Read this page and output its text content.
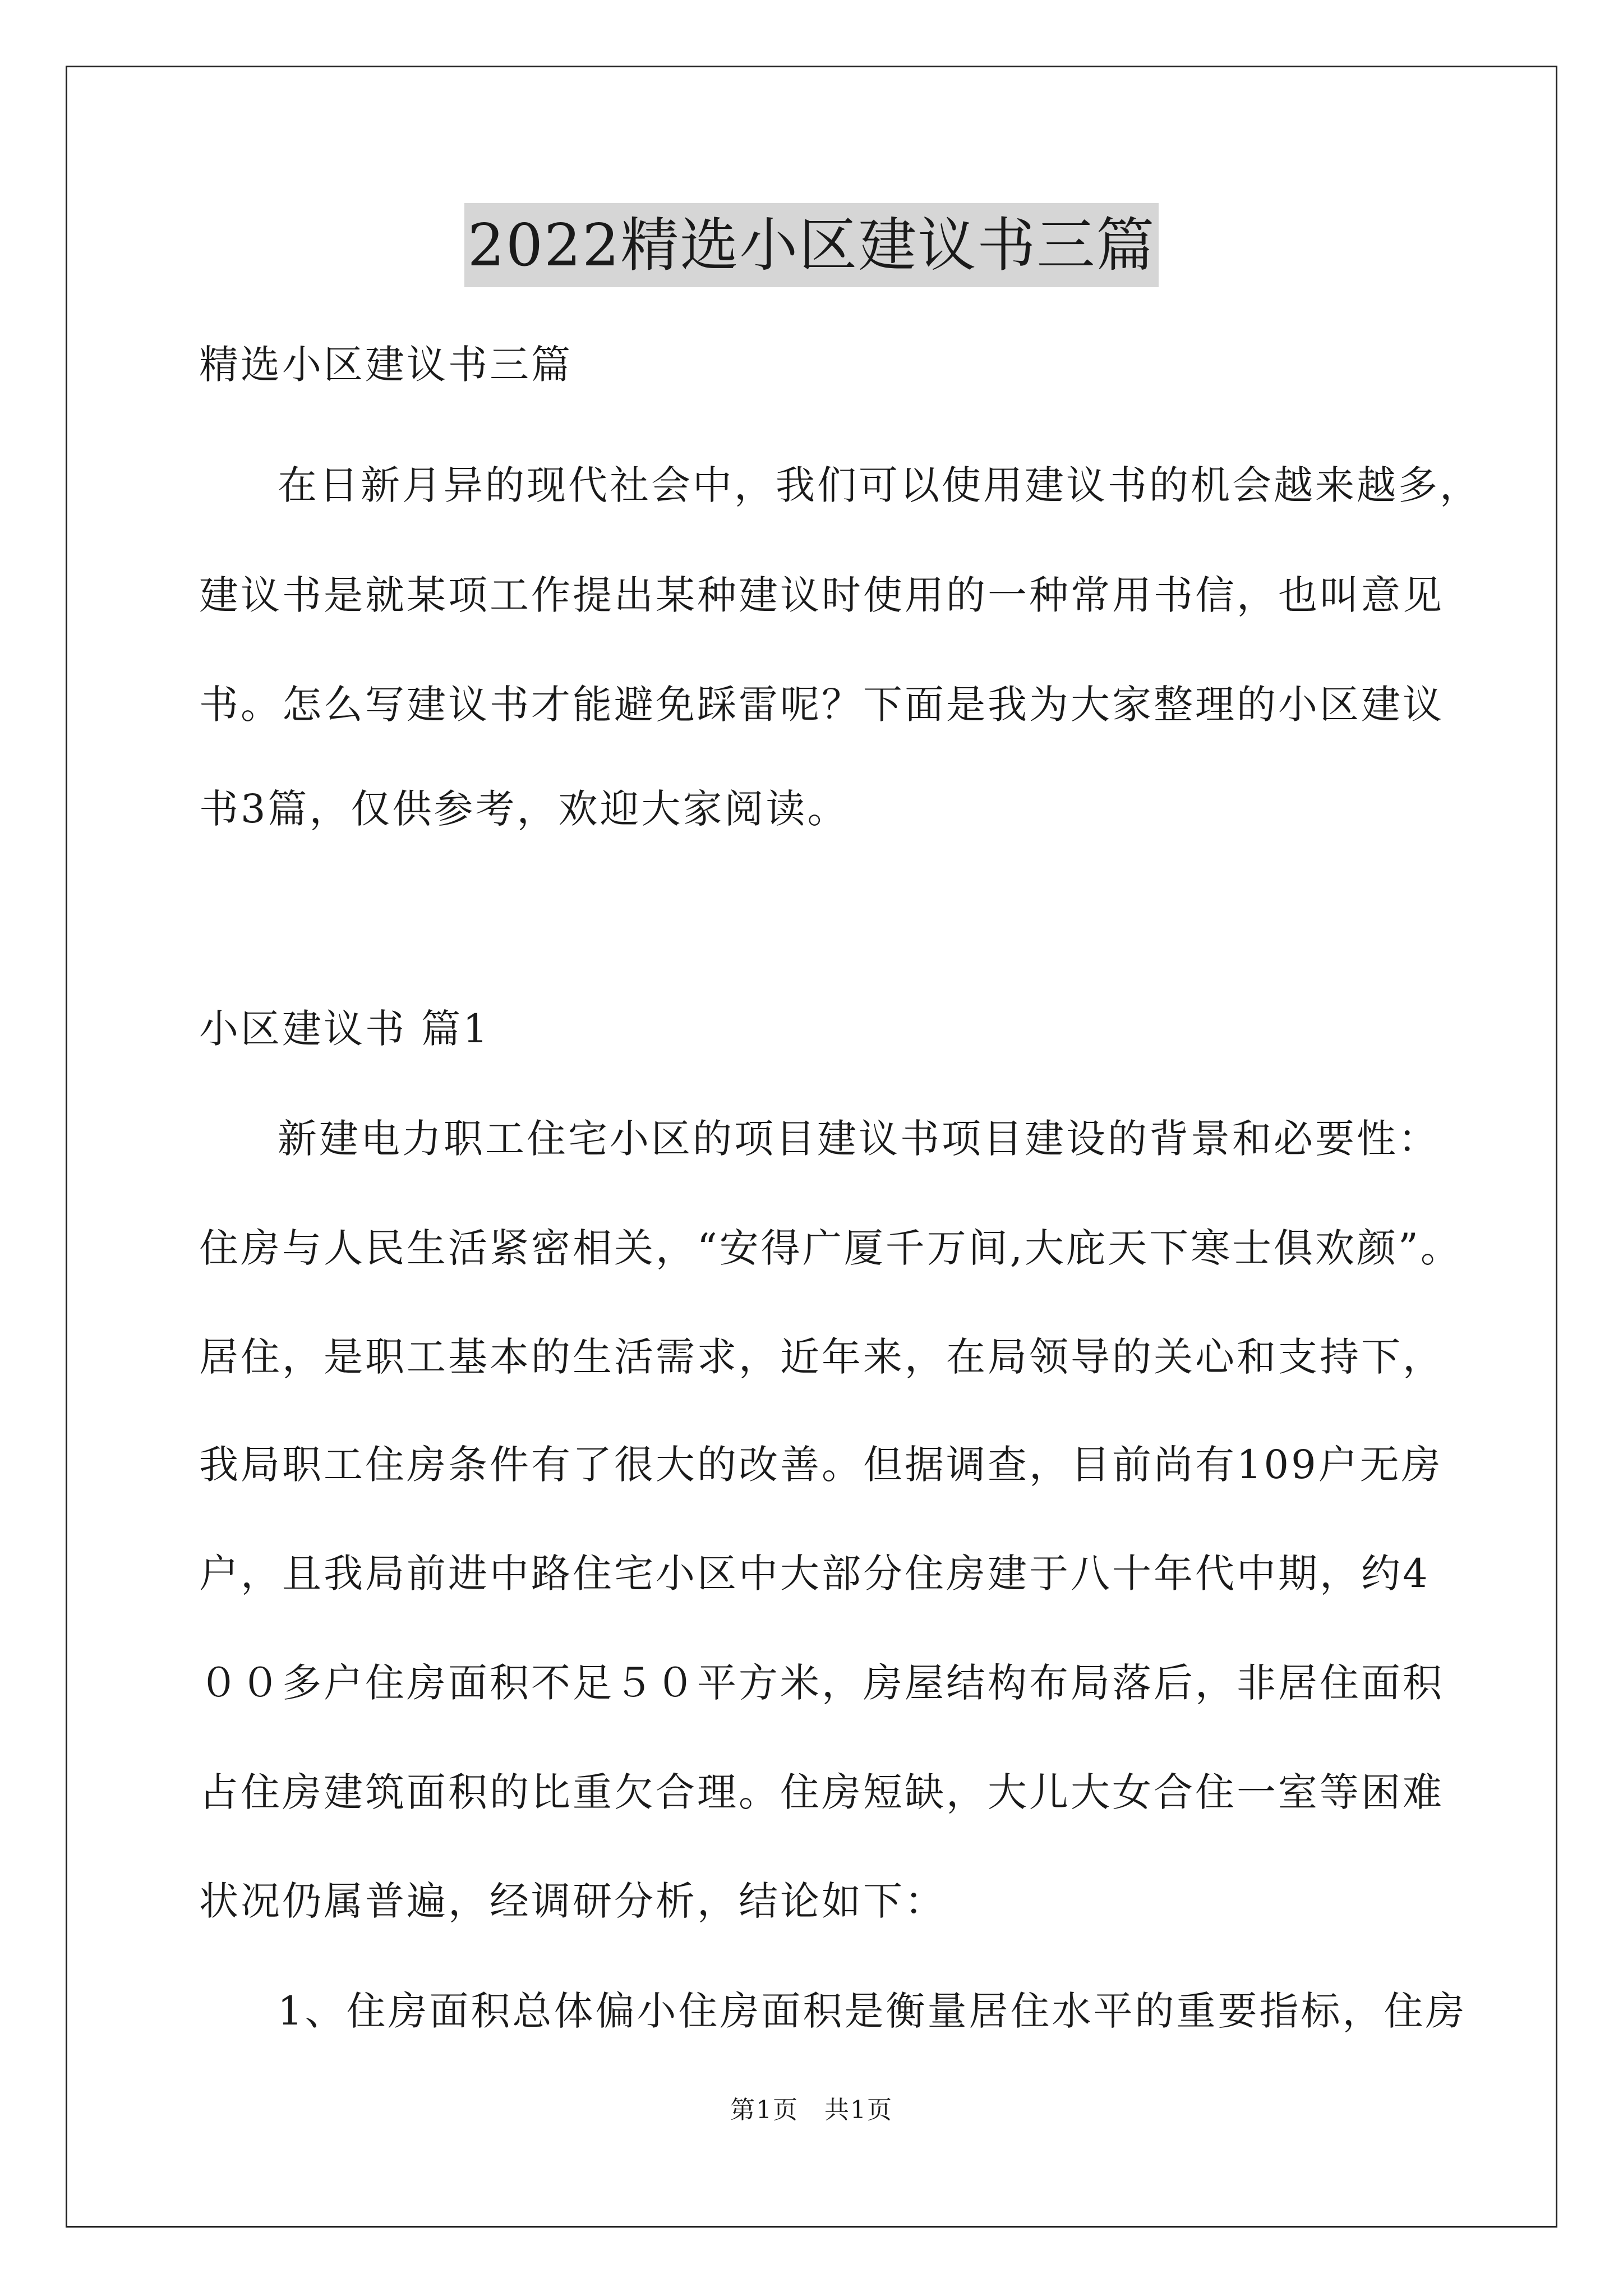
2022精选小区建议书三篇

精选小区建议书三篇

在日新月异的现代社会中，我们可以使用建议书的机会越来越多，

建议书是就某项工作提出某种建议时使用的一种常用书信，也叫意见

书。怎么写建议书才能避免踩雷呢？下面是我为大家整理的小区建议

书3篇，仅供参考，欢迎大家阅读。

小区建议书 篇1

新建电力职工住宅小区的项目建议书项目建设的背景和必要性：

住房与人民生活紧密相关，“安得广厦千万间,大庇天下寒士俱欢颜”。

居住，是职工基本的生活需求，近年来，在局领导的关心和支持下，

我局职工住房条件有了很大的改善。但据调查，目前尚有109户无房

户，且我局前进中路住宅小区中大部分住房建于八十年代中期，约4

００多户住房面积不足５０平方米，房屋结构布局落后，非居住面积

占住房建筑面积的比重欠合理。住房短缺，大儿大女合住一室等困难

状况仍属普遍，经调研分析，结论如下：

1、住房面积总体偏小住房面积是衡量居住水平的重要指标，住房

第1页　共1页
